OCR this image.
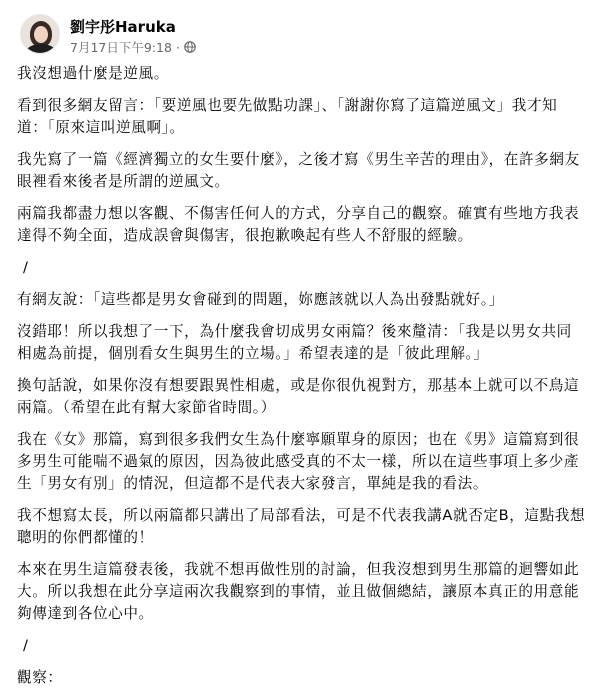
劉宇彤Haruka
7月17日下午9:18 ·

我沒想過什麼是逆風。

看到很多網友留言：「要逆風也要先做點功課」、「謝謝你寫了這篇逆風文」我才知道：「原來這叫逆風啊」。

我先寫了一篇《經濟獨立的女生要什麼》，之後才寫《男生辛苦的理由》，在許多網友眼裡看來後者是所謂的逆風文。

兩篇我都盡力想以客觀、不傷害任何人的方式，分享自己的觀察。確實有些地方我表達得不夠全面，造成誤會與傷害，很抱歉喚起有些人不舒服的經驗。

/

有網友說：「這些都是男女會碰到的問題，妳應該就以人為出發點就好。」

沒錯耶！所以我想了一下，為什麼我會切成男女兩篇？後來釐清：「我是以男女共同相處為前提，個別看女生與男生的立場。」希望表達的是「彼此理解。」

換句話說，如果你沒有想要跟異性相處，或是你很仇視對方，那基本上就可以不鳥這兩篇。（希望在此有幫大家節省時間。）

我在《女》那篇，寫到很多我們女生為什麼寧願單身的原因；也在《男》這篇寫到很多男生可能喘不過氣的原因，因為彼此感受真的不太一樣，所以在這些事項上多少產生「男女有別」的情況，但這都不是代表大家發言，單純是我的看法。

我不想寫太長，所以兩篇都只講出了局部看法，可是不代表我講A就否定B，這點我想聰明的你們都懂的！

本來在男生這篇發表後，我就不想再做性別的討論，但我沒想到男生那篇的迴響如此大。所以我想在此分享這兩次我觀察到的事情，並且做個總結，讓原本真正的用意能夠傳達到各位心中。

/

觀察：
